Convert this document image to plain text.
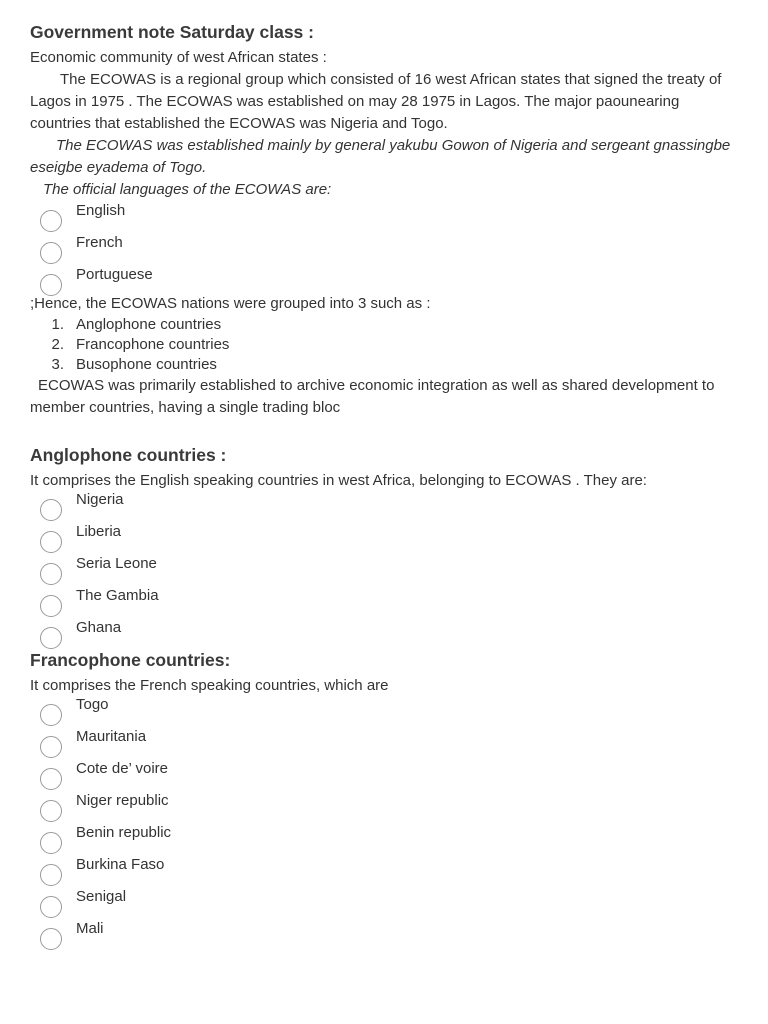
Government note Saturday class :

Economic community of west African states :

The ECOWAS is a regional group which consisted of 16 west African states that signed the treaty of Lagos in 1975 . The ECOWAS was established on may 28 1975 in Lagos. The major paounearing countries that established the ECOWAS was Nigeria and Togo.

The ECOWAS was established mainly by general yakubu Gowon of Nigeria and sergeant gnassingbe eseigbe eyadema of Togo.

The official languages of the ECOWAS are:

English
French
Portuguese

;Hence, the ECOWAS nations were grouped into 3 such as :

1. Anglophone countries
2. Francophone countries
3. Busophone countries

ECOWAS was primarily established to archive economic integration as well as shared development to member countries, having a single trading bloc

Anglophone countries :

It comprises the English speaking countries in west Africa, belonging to ECOWAS . They are:

Nigeria
Liberia
Seria Leone
The Gambia
Ghana
Francophone countries:

It comprises the French speaking countries, which are

Togo
Mauritania
Cote de’ voire
Niger republic
Benin republic
Burkina Faso
Senigal
Mali
